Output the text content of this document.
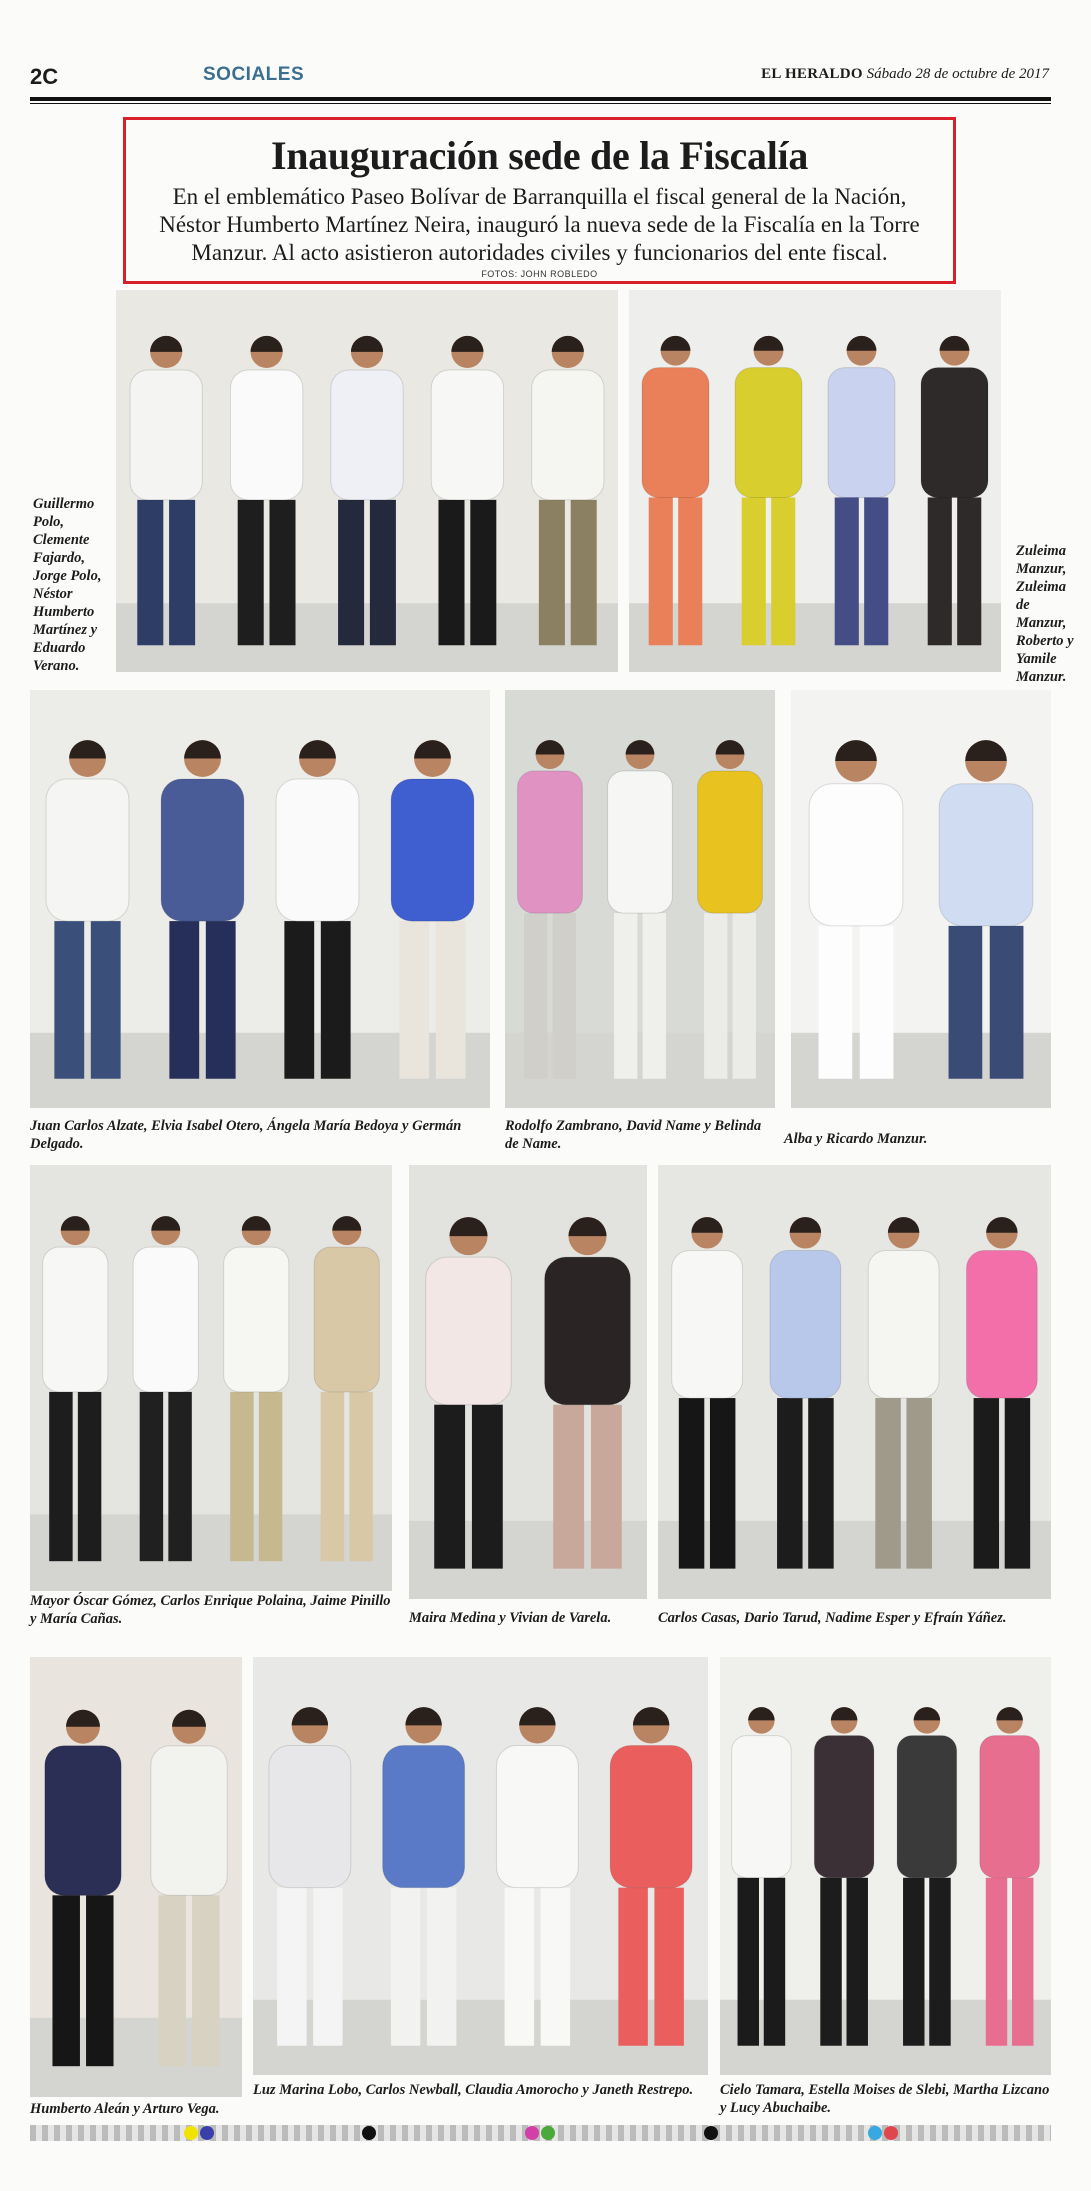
2C	SOCIALES	EL HERALDO Sábado 28 de octubre de 2017
Inauguración sede de la Fiscalía
En el emblemático Paseo Bolívar de Barranquilla el fiscal general de la Nación, Néstor Humberto Martínez Neira, inauguró la nueva sede de la Fiscalía en la Torre Manzur. Al acto asistieron autoridades civiles y funcionarios del ente fiscal.
FOTOS: JOHN ROBLEDO
Guillermo Polo, Clemente Fajardo, Jorge Polo, Néstor Humberto Martínez y Eduardo Verano.
Zuleima Manzur, Zuleima de Manzur, Roberto y Yamile Manzur.
Juan Carlos Alzate, Elvia Isabel Otero, Ángela María Bedoya y Germán Delgado.
Rodolfo Zambrano, David Name y Belinda de Name.	Alba y Ricardo Manzur.
Mayor Óscar Gómez, Carlos Enrique Polaina, Jaime Pinillo y María Cañas.	Maira Medina y Vivian de Varela.	Carlos Casas, Dario Tarud, Nadime Esper y Efraín Yáñez.
Humberto Aleán y Arturo Vega.
Luz Marina Lobo, Carlos Newball, Claudia Amorocho y Janeth Restrepo.	Cielo Tamara, Estella Moises de Slebi, Martha Lizcano y Lucy Abuchaibe.
